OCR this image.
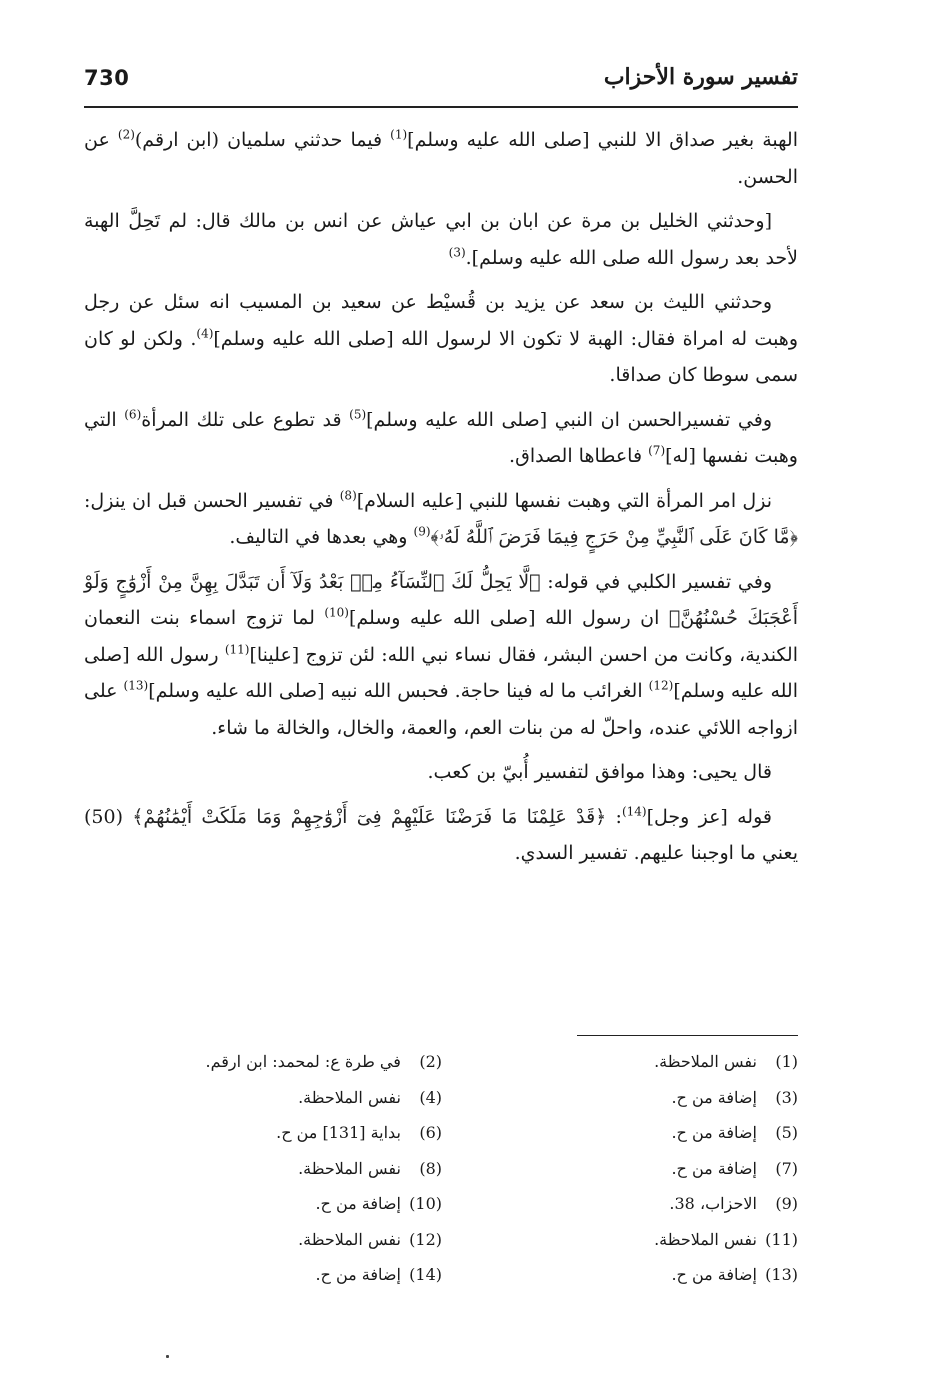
730	تفسير سورة الأحزاب

الهبة بغير صداق الا للنبي [صلى الله عليه وسلم]$^{(1)}$ فيما حدثني سلميان (ابن ارقم)$^{(2)}$ عن الحسن.

[وحدثني الخليل بن مرة عن ابان بن ابي عياش عن انس بن مالك قال: لم تَحِلَّ الهبة لأحد بعد رسول الله صلى الله عليه وسلم].$^{(3)}$

وحدثني الليث بن سعد عن يزيد بن قُسيْط عن سعيد بن المسيب انه سئل عن رجل وهبت له امراة فقال: الهبة لا تكون الا لرسول الله [صلى الله عليه وسلم]$^{(4)}$. ولكن لو كان سمى سوطا كان صداقا.

وفي تفسيرالحسن ان النبي [صلى الله عليه وسلم]$^{(5)}$ قد تطوع على تلك المرأة$^{(6)}$ التي وهبت نفسها [له]$^{(7)}$ فاعطاها الصداق.

نزل امر المرأة التي وهبت نفسها للنبي [عليه السلام]$^{(8)}$ في تفسير الحسن قبل ان ينزل: ﴿مَّا كَانَ عَلَى ٱلنَّبِيِّ مِنْ حَرَجٍ فِيمَا فَرَضَ ٱللَّهُ لَهُۥ﴾$^{(9)}$ وهي بعدها في التاليف.

وفي تفسير الكلبي في قوله: ﴿لَّا يَحِلُّ لَكَ ٱلنِّسَآءُ مِنۢ بَعْدُ وَلَآ أَن تَبَدَّلَ بِهِنَّ مِنْ أَزْوَٰجٍ وَلَوْ أَعْجَبَكَ حُسْنُهُنَّ﴾ ان رسول الله [صلى الله عليه وسلم]$^{(10)}$ لما تزوج اسماء بنت النعمان الكندية، وكانت من احسن البشر، فقال نساء نبي الله: لئن تزوج [علينا]$^{(11)}$ رسول الله [صلى الله عليه وسلم]$^{(12)}$ الغرائب ما له فينا حاجة. فحبس الله نبيه [صلى الله عليه وسلم]$^{(13)}$ على ازواجه اللائي عنده، واحلّ له من بنات العم، والعمة، والخال، والخالة ما شاء.

قال يحيى: وهذا موافق لتفسير أُبيّ بن كعب.

قوله [عز وجل]$^{(14)}$: ﴿قَدْ عَلِمْنَا مَا فَرَضْنَا عَلَيْهِمْ فِىٓ أَزْوَٰجِهِمْ وَمَا مَلَكَتْ أَيْمَٰنُهُمْ﴾ (50) يعني ما اوجبنا عليهم. تفسير السدي.

(1) نفس الملاحظة.
(3) إضافة من ح.
(5) إضافة من ح.
(7) إضافة من ح.
(9) الاحزاب، 38.
(11) نفس الملاحظة.
(13) إضافة من ح.
(2) في طرة ع: لمحمد: ابن ارقم.
(4) نفس الملاحظة.
(6) بداية [131] من ح.
(8) نفس الملاحظة.
(10) إضافة من ح.
(12) نفس الملاحظة.
(14) إضافة من ح.
